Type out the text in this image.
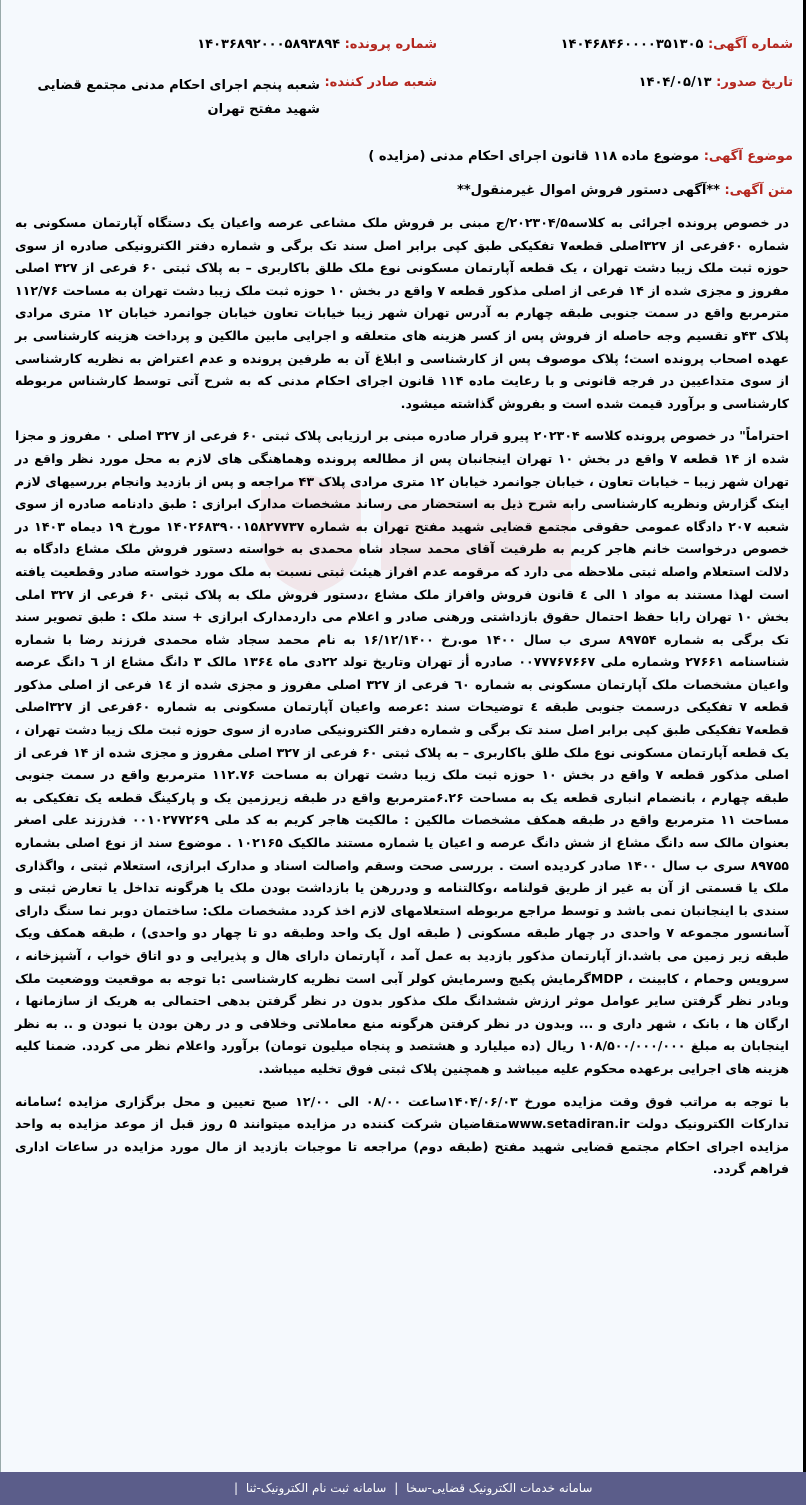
شماره آگهی: ۱۴۰۴۶۸۴۶۰۰۰۰۳۵۱۳۰۵
شماره پرونده: ۱۴۰۳۶۸۹۲۰۰۰۵۸۹۳۸۹۴
تاریخ صدور: ۱۴۰۴/۰۵/۱۳
شعبه صادر کننده: شعبه پنجم اجرای احکام مدنی مجتمع قضایی شهید مفتح تهران
موضوع آگهی: موضوع ماده ۱۱۸ قانون اجرای احکام مدنی (مزایده )
متن آگهی: **آگهی دستور فروش اموال غیرمنقول**

در خصوص پرونده اجرائی به کلاسه۲۰۲۳۰۴/۵/ج مبنی بر فروش ملک مشاعی عرصه واعیان یک دستگاه آپارتمان مسکونی به شماره ۶۰فرعی از ۳۲۷اصلی قطعه۷ تفکیکی طبق کپی برابر اصل سند تک برگی و شماره دفتر الکترونیکی صادره از سوی حوزه ثبت ملک زیبا دشت تهران ، یک قطعه آپارتمان مسکونی نوع ملک طلق باکاربری – به پلاک ثبتی ۶۰ فرعی از ۳۲۷ اصلی مفروز و مجزی شده از ۱۴ فرعی از اصلی مذکور قطعه ۷ واقع در بخش ۱۰ حوزه ثبت ملک زیبا دشت تهران به مساحت ۱۱۲/۷۶ مترمربع واقع در سمت جنوبی طبقه چهارم به آدرس تهران شهر زیبا خیابات تعاون خیابان جوانمرد خیابان ۱۲ متری مرادی پلاک ۴۳و تقسیم وجه حاصله از فروش پس از کسر هزینه های متعلقه و اجرایی مابین مالکین و پرداخت هزینه کارشناسی بر عهده اصحاب پرونده است؛ پلاک موصوف پس از کارشناسی و ابلاغ آن به طرفین پرونده و عدم اعتراض به نظریه کارشناسی از سوی متداعیین در فرجه قانونی و با رعایت ماده ۱۱۴ قانون اجرای احکام مدنی که به شرح آتی توسط کارشناس مربوطه کارشناسی و برآورد قیمت شده است و بفروش گذاشته میشود.

احتراماً" در خصوص پرونده کلاسه ۲۰۲۳۰۴ پیرو قرار صادره مبنی بر ارزیابی پلاک ثبتی ۶۰ فرعی از ۳۲۷ اصلی ۰ مفروز و مجزا شده از ۱۴ قطعه ۷ واقع در بخش ۱۰ تهران اینجانبان پس از مطالعه پرونده وهماهنگی های لازم به محل مورد نظر واقع در تهران شهر زیبا – خیابات تعاون ، خیابان جوانمرد خیابان ۱۲ متری مرادی پلاک ۴۳ مراجعه و پس از بازدید وانجام بررسیهای لازم اینک گزارش ونظریه کارشناسی رابه شرح ذیل به استحضار می رساند مشخصات مدارک ابرازی : طبق دادنامه صادره از سوی شعبه ۲۰۷ دادگاه عمومی حقوقی مجتمع قضایی شهید مفتح تهران به شماره ۱۴۰۲۶۸۳۹۰۰۱۵۸۲۷۷۳۷ مورخ ۱۹ دیماه ۱۴۰۳ در خصوص درخواست خانم هاجر کریم به طرفیت آقای محمد سجاد شاه محمدی به خواسته دستور فروش ملک مشاع دادگاه به دلالت استعلام واصله ثبتی ملاحظه می دارد که مرقومه عدم افراز هیئت ثبتی نسبت به ملک مورد خواسته صادر وقطعیت یافته است لهذا مستند به مواد ۱ الی ٤ قانون فروش وافراز ملک مشاع ،دستور فروش ملک به پلاک ثبتی ۶۰ فرعی از ۳۲۷ املی بخش ۱۰ تهران رابا حفظ احتمال حقوق بازداشتی ورهنی صادر و اعلام می داردمدارک ابرازی + سند ملک : طبق تصویر سند تک برگی به شماره ۸۹۷۵۴ سری ب سال ۱۴۰۰ مو.رخ ۱۶/۱۲/۱۴۰۰ به نام محمد سجاد شاه محمدی فرزند رضا با شماره شناسنامه ۲۷۶۶۱ وشماره ملی ۰۰۷۷۷۶۷۶۶۷ صادره أز تهران وتاریخ تولد ۲۲دی ماه ۱۳۶٤ مالک ۳ دانگ مشاع از ٦ دانگ عرصه واعیان مشخصات ملک آپارتمان مسکونی به شماره ٦٠ فرعی از ٣٢٧ اصلی مفروز و مجزی شده از ١٤ فرعی از اصلی مذکور قطعه ٧ تفکیکی درسمت جنوبی طبقه ٤ توضیحات سند :عرصه واعیان آپارتمان مسکونی به شماره ۶۰فرعی از ۳۲۷اصلی قطعه۷ تفکیکی طبق کپی برابر اصل سند تک برگی و شماره دفتر الکترونیکی صادره از سوی حوزه ثبت ملک زیبا دشت تهران ، یک قطعه آپارتمان مسکونی نوع ملک طلق باکاربری – به پلاک ثبتی ۶۰ فرعی از ۳۲۷ اصلی مفروز و مجزی شده از ۱۴ فرعی از اصلی مذکور قطعه ۷ واقع در بخش ۱۰ حوزه ثبت ملک زیبا دشت تهران به مساحت ۱۱۲.۷۶ مترمربع واقع در سمت جنوبی طبقه چهارم ، بانضمام انباری قطعه یک به مساحت ۶.۲۶مترمربع واقع در طبقه زیرزمین یک و پارکینگ قطعه یک تفکیکی به مساحت ۱۱ مترمربع واقع در طبقه همکف مشخصات مالکین : مالکیت هاجر کریم به کد ملی ۰۰۱۰۲۷۷۲۶۹ فذرزند علی اصغر بعنوان مالک سه دانگ مشاع از شش دانگ عرصه و اعیان یا شماره مستند مالکیک ۱۰۲۱۶۵ . موضوع سند از نوع اصلی بشماره ۸۹۷۵۵ سری ب سال ۱۴۰۰ صادر کردیده است . بررسی صحت وسقم واصالت اسناد و مدارک ابرازی، استعلام ثبتی ، واگذاری ملک یا قسمتی از آن به غیر از طریق قولنامه ،وکالتنامه و ودررهن یا بازداشت بودن ملک یا هرگونه تداخل یا تعارض ثبتی و سندی با اینجانبان نمی باشد و توسط مراجع مربوطه استعلامهای لازم اخذ کردد مشخصات ملک: ساختمان دوبر نما سنگ دارای آسانسور مجموعه ۷ واحدی در چهار طبقه مسکونی ( طبقه اول یک واحد وطبقه دو تا چهار دو واحدی) ، طبقه همکف ویک طبقه زیر زمین می باشد.از آپارتمان مذکور بازدید به عمل آمد ، آپارتمان دارای هال و پذیرایی و دو اتاق خواب ، آشپزخانه ، سرویس وحمام ، کابینت ، MDPگرمایش پکیج وسرمایش کولر آبی است نظریه کارشناسی :با توجه به موقعیت ووضعیت ملک وبادر نظر گرفتن سایر عوامل موثر ارزش ششدانگ ملک مذکور بدون در نظر گرفتن بدهی احتمالی به هریک از سازمانها ، ارگان ها ، بانک ، شهر داری و ... وبدون در نظر کرفتن هرگونه منع معاملاتی وخلافی و در رهن بودن یا نبودن و .. به نظر اینجابان به مبلغ ۱۰۸/۵۰۰/۰۰۰/۰۰۰ ریال (ده میلیارد و هشتصد و پنجاه میلیون تومان) برآورد واعلام نظر می کردد. ضمنا کلیه هزینه های اجرایی برعهده محکوم علیه میباشد و همچنین پلاک ثبتی فوق تخلیه میباشد.

با توجه به مراتب فوق وقت مزایده مورخ ۱۴۰۴/۰۶/۰۳ساعت ۰۸/۰۰ الی ۱۲/۰۰ صبح تعیین و محل برگزاری مزایده ؛سامانه تدارکات الکترونیک دولت www.setadiran.irمتقاضیان شرکت کننده در مزایده میتوانند ۵ روز قبل از موعد مزایده به واحد مزایده اجرای احکام مجتمع قضایی شهید مفتح (طبقه دوم) مراجعه تا موجبات بازدید از مال مورد مزایده در ساعات اداری فراهم گردد.

سامانه خدمات الکترونیک قضایی-سخا | سامانه ثبت نام الکترونیک-ثنا |
